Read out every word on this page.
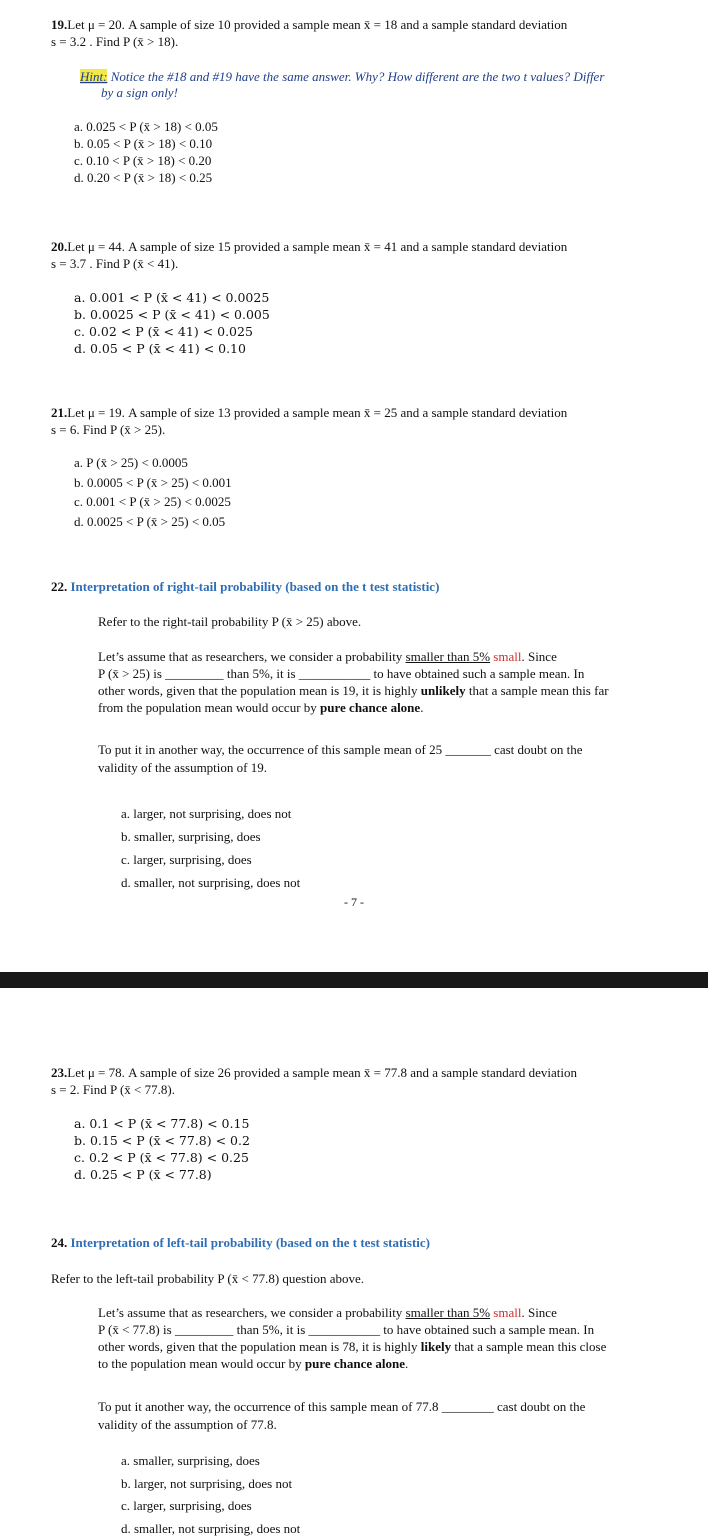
19.Let μ = 20. A sample of size 10 provided a sample mean x̄ = 18 and a sample standard deviation

s = 3.2 . Find P (x̄ > 18).

Hint: Notice the #18 and #19 have the same answer. Why? How different are the two t values? Differ

by a sign only!

a. 0.025 < P (x̄ > 18) < 0.05

b. 0.05 < P (x̄ > 18) < 0.10

c. 0.10 < P (x̄ > 18) < 0.20

d. 0.20 < P (x̄ > 18) < 0.25

20.Let μ = 44. A sample of size 15 provided a sample mean x̄ = 41 and a sample standard deviation

s = 3.7 . Find P (x̄ < 41).

a. 0.001 < P (x̄ < 41) < 0.0025

b. 0.0025 < P (x̄ < 41) < 0.005

c. 0.02 < P (x̄ < 41) < 0.025

d. 0.05 < P (x̄ < 41) < 0.10

21.Let μ = 19. A sample of size 13 provided a sample mean x̄ = 25 and a sample standard deviation

s = 6. Find P (x̄ > 25).

a. P (x̄ > 25) < 0.0005

b. 0.0005 < P (x̄ > 25) < 0.001

c. 0.001 < P (x̄ > 25) < 0.0025

d. 0.0025 < P (x̄ > 25) < 0.05

22. Interpretation of right-tail probability (based on the t test statistic)

Refer to the right-tail probability P (x̄ > 25) above.

Let’s assume that as researchers, we consider a probability smaller than 5% small. Since

P (x̄ > 25) is _________ than 5%, it is ___________ to have obtained such a sample mean. In

other words, given that the population mean is 19, it is highly unlikely that a sample mean this far

from the population mean would occur by pure chance alone.

To put it in another way, the occurrence of this sample mean of 25 _______ cast doubt on the

validity of the assumption of 19.

a. larger, not surprising, does not

b. smaller, surprising, does

c. larger, surprising, does

d. smaller, not surprising, does not

- 7 -

23.Let μ = 78. A sample of size 26 provided a sample mean x̄ = 77.8 and a sample standard deviation

s = 2. Find P (x̄ < 77.8).

a. 0.1 < P (x̄ < 77.8) < 0.15

b. 0.15 < P (x̄ < 77.8) < 0.2

c. 0.2 < P (x̄ < 77.8) < 0.25

d. 0.25 < P (x̄ < 77.8)

24. Interpretation of left-tail probability (based on the t test statistic)

Refer to the left-tail probability P (x̄ < 77.8) question above.

Let’s assume that as researchers, we consider a probability smaller than 5% small. Since

P (x̄ < 77.8) is _________ than 5%, it is ___________ to have obtained such a sample mean. In

other words, given that the population mean is 78, it is highly likely that a sample mean this close

to the population mean would occur by pure chance alone.

To put it another way, the occurrence of this sample mean of 77.8 ________ cast doubt on the

validity of the assumption of 77.8.

a. smaller, surprising, does

b. larger, not surprising, does not

c. larger, surprising, does

d. smaller, not surprising, does not
